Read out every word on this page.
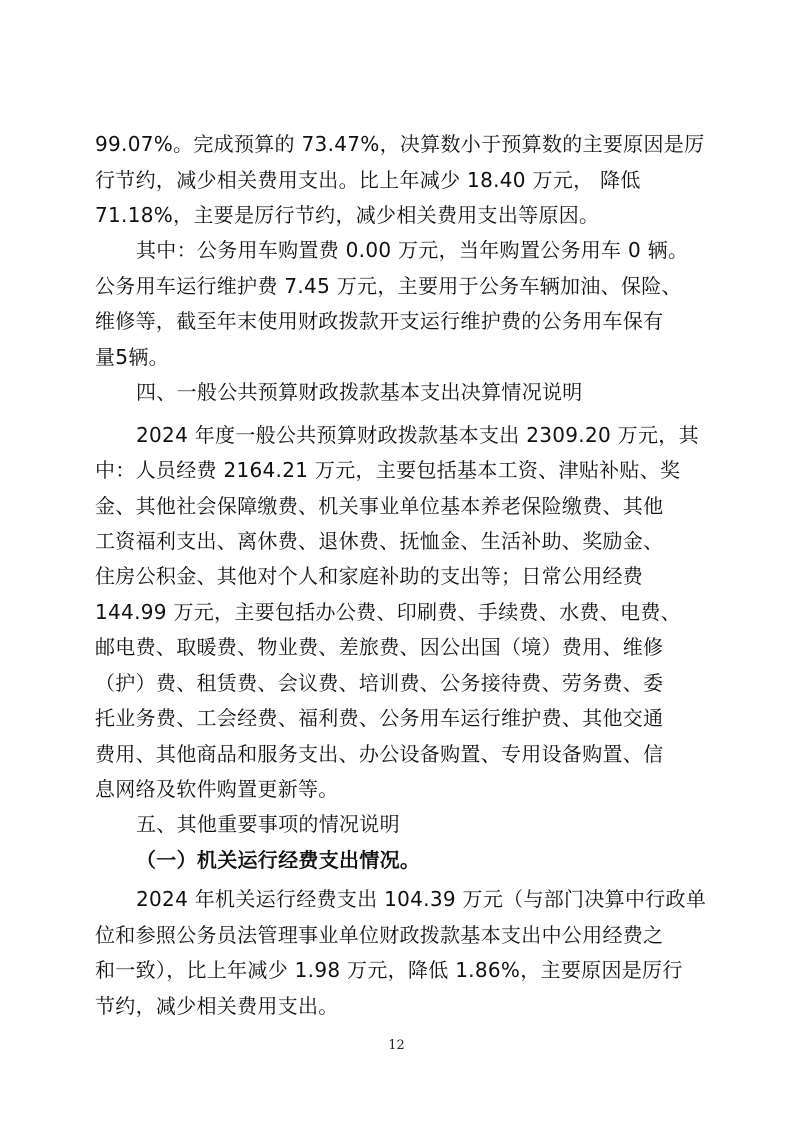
99.07%。完成预算的 73.47%，决算数小于预算数的主要原因是厉
行节约，减少相关费用支出。比上年减少 18.40 万元， 降低
71.18%，主要是厉行节约，减少相关费用支出等原因。
其中：公务用车购置费 0.00 万元，当年购置公务用车 0 辆。
公务用车运行维护费 7.45 万元，主要用于公务车辆加油、保险、
维修等，截至年末使用财政拨款开支运行维护费的公务用车保有
量5辆。
四、一般公共预算财政拨款基本支出决算情况说明
2024 年度一般公共预算财政拨款基本支出 2309.20 万元，其
中：人员经费 2164.21 万元，主要包括基本工资、津贴补贴、奖
金、其他社会保障缴费、机关事业单位基本养老保险缴费、其他
工资福利支出、离休费、退休费、抚恤金、生活补助、奖励金、
住房公积金、其他对个人和家庭补助的支出等；日常公用经费
144.99 万元，主要包括办公费、印刷费、手续费、水费、电费、
邮电费、取暖费、物业费、差旅费、因公出国（境）费用、维修
（护）费、租赁费、会议费、培训费、公务接待费、劳务费、委
托业务费、工会经费、福利费、公务用车运行维护费、其他交通
费用、其他商品和服务支出、办公设备购置、专用设备购置、信
息网络及软件购置更新等。
五、其他重要事项的情况说明
（一）机关运行经费支出情况。
2024 年机关运行经费支出 104.39 万元（与部门决算中行政单
位和参照公务员法管理事业单位财政拨款基本支出中公用经费之
和一致），比上年减少 1.98 万元，降低 1.86%，主要原因是厉行
节约，减少相关费用支出。
12
